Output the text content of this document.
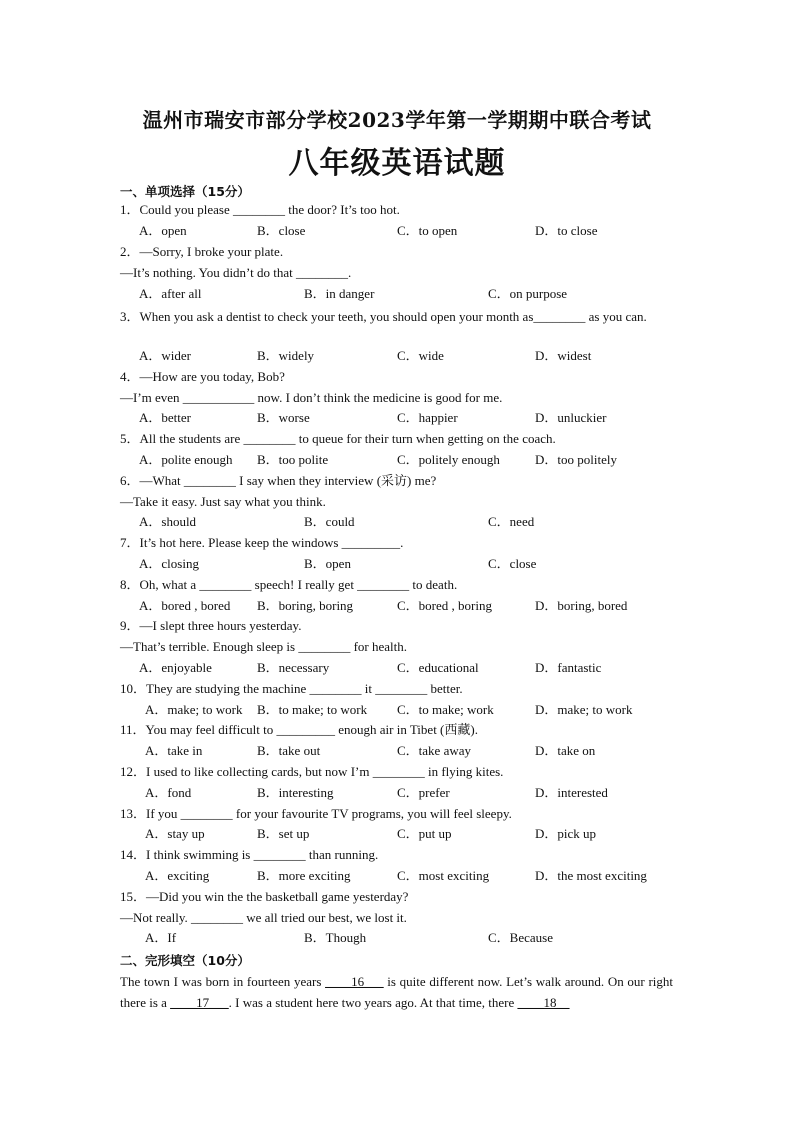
温州市瑞安市部分学校2023学年第一学期期中联合考试
八年级英语试题
一、单项选择（15分）
1．Could you please ________ the door? It’s too hot.
A．open	B．close	C．to open	D．to close
2．—Sorry, I broke your plate.
—It’s nothing. You didn’t do that ________.
A．after all	B．in danger	C．on purpose
3．When you ask a dentist to check your teeth, you should open your month as________ as you can.
A．wider	B．widely	C．wide	D．widest
4．—How are you today, Bob?
—I’m even ___________ now. I don’t think the medicine is good for me.
A．better	B．worse	C．happier	D．unluckier
5．All the students are ________ to queue for their turn when getting on the coach.
A．polite enough B．too polite	C．politely enough	D．too politely
6．—What ________ I say when they interview (采访) me?
—Take it easy. Just say what you think.
A．should	B．could	C．need
7．It’s hot here. Please keep the windows _________.
A．closing	B．open	C．close
8．Oh, what a ________ speech! I really get ________ to death.
A．bored , bored B．boring, boring	C．bored , boring	D．boring, bored
9．—I slept three hours yesterday.
—That’s terrible. Enough sleep is ________ for health.
A．enjoyable	B．necessary	C．educational	D．fantastic
10．They are studying the machine ________ it ________ better.
A．make; to work B．to make; to work C．to make; work	D．make; to work
11．You may feel difficult to _________ enough air in Tibet (西藏).
A．take in	B．take out	C．take away	D．take on
12．I used to like collecting cards, but now I’m ________ in flying kites.
A．fond	B．interesting	C．prefer	D．interested
13．If you ________ for your favourite TV programs, you will feel sleepy.
A．stay up	B．set up	C．put up	D．pick up
14．I think swimming is ________ than running.
A．exciting	B．more exciting	C．most exciting	D．the most exciting
15．—Did you win the the basketball game yesterday?
—Not really. ________ we all tried our best, we lost it.
A．If	B．Though	C．Because
二、完形填空（10分）
The town I was born in fourteen years ____16___ is quite different now. Let’s walk around. On our right there is a ____17___. I was a student here two years ago. At that time, there ____18__
